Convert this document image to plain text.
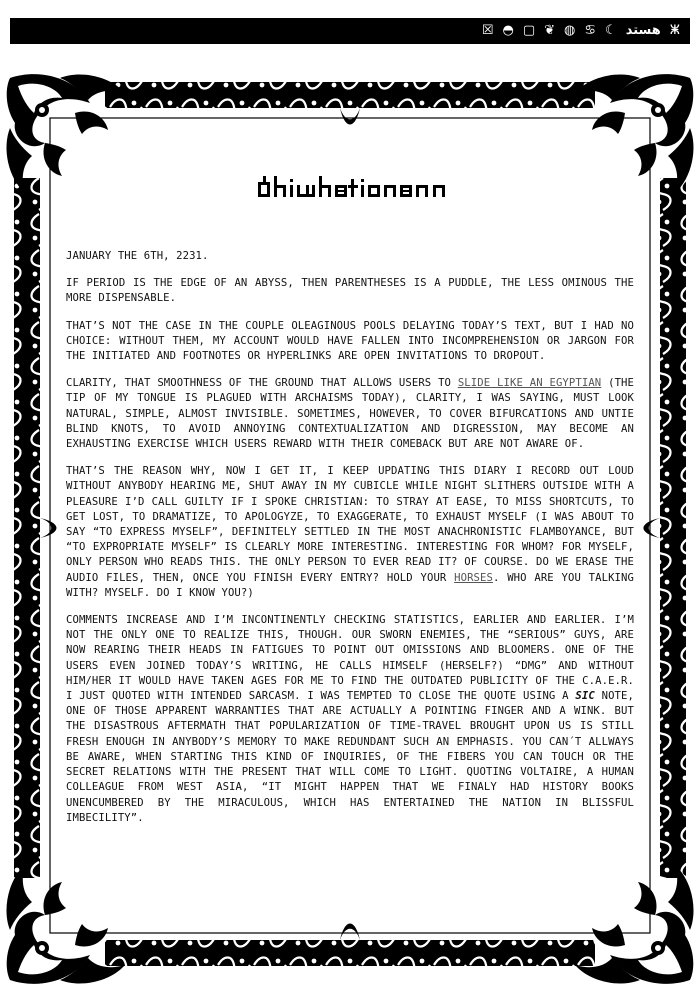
☒ ◓ ▢ ❦ ◍ ♋ ☾ هستد ⵥ

JANUARY THE 6TH, 2231.

IF PERIOD IS THE EDGE OF AN ABYSS, THEN PARENTHESES IS A PUDDLE, THE LESS OMINOUS THE MORE DISPENSABLE.

THAT’S NOT THE CASE IN THE COUPLE OLEAGINOUS POOLS DELAYING TODAY’S TEXT, BUT I HAD NO CHOICE: WITHOUT THEM, MY ACCOUNT WOULD HAVE FALLEN INTO INCOMPREHENSION OR JARGON FOR THE INITIATED AND FOOTNOTES OR HYPERLINKS ARE OPEN INVITATIONS TO DROPOUT.

CLARITY, THAT SMOOTHNESS OF THE GROUND THAT ALLOWS USERS TO SLIDE LIKE AN EGYPTIAN (THE TIP OF MY TONGUE IS PLAGUED WITH ARCHAISMS TODAY), CLARITY, I WAS SAYING, MUST LOOK NATURAL, SIMPLE, ALMOST INVISIBLE. SOMETIMES, HOWEVER, TO COVER BIFURCATIONS AND UNTIE BLIND KNOTS, TO AVOID ANNOYING CONTEXTUALIZATION AND DIGRESSION, MAY BECOME AN EXHAUSTING EXERCISE WHICH USERS REWARD WITH THEIR COMEBACK BUT ARE NOT AWARE OF.

THAT’S THE REASON WHY, NOW I GET IT, I KEEP UPDATING THIS DIARY I RECORD OUT LOUD WITHOUT ANYBODY HEARING ME, SHUT AWAY IN MY CUBICLE WHILE NIGHT SLITHERS OUTSIDE WITH A PLEASURE I’D CALL GUILTY IF I SPOKE CHRISTIAN: TO STRAY AT EASE, TO MISS SHORTCUTS, TO GET LOST, TO DRAMATIZE, TO APOLOGYZE, TO EXAGGERATE, TO EXHAUST MYSELF (I WAS ABOUT TO SAY “TO EXPRESS MYSELF”, DEFINITELY SETTLED IN THE MOST ANACHRONISTIC FLAMBOYANCE, BUT “TO EXPROPRIATE MYSELF” IS CLEARLY MORE INTERESTING. INTERESTING FOR WHOM? FOR MYSELF, ONLY PERSON WHO READS THIS. THE ONLY PERSON TO EVER READ IT? OF COURSE. DO WE ERASE THE AUDIO FILES, THEN, ONCE YOU FINISH EVERY ENTRY? HOLD YOUR HORSES. WHO ARE YOU TALKING WITH? MYSELF. DO I KNOW YOU?)

COMMENTS INCREASE AND I’M INCONTINENTLY CHECKING STATISTICS, EARLIER AND EARLIER. I’M NOT THE ONLY ONE TO REALIZE THIS, THOUGH. OUR SWORN ENEMIES, THE “SERIOUS” GUYS, ARE NOW REARING THEIR HEADS IN FATIGUES TO POINT OUT OMISSIONS AND BLOOMERS. ONE OF THE USERS EVEN JOINED TODAY’S WRITING, HE CALLS HIMSELF (HERSELF?) “DMG” AND WITHOUT HIM/HER IT WOULD HAVE TAKEN AGES FOR ME TO FIND THE OUTDATED PUBLICITY OF THE C.A.E.R. I JUST QUOTED WITH INTENDED SARCASM. I WAS TEMPTED TO CLOSE THE QUOTE USING A SIC NOTE, ONE OF THOSE APPARENT WARRANTIES THAT ARE ACTUALLY A POINTING FINGER AND A WINK. BUT THE DISASTROUS AFTERMATH THAT POPULARIZATION OF TIME-TRAVEL BROUGHT UPON US IS STILL FRESH ENOUGH IN ANYBODY’S MEMORY TO MAKE REDUNDANT SUCH AN EMPHASIS. YOU CAN´T ALLWAYS BE AWARE, WHEN STARTING THIS KIND OF INQUIRIES, OF THE FIBERS YOU CAN TOUCH OR THE SECRET RELATIONS WITH THE PRESENT THAT WILL COME TO LIGHT. QUOTING VOLTAIRE, A HUMAN COLLEAGUE FROM WEST ASIA, “IT MIGHT HAPPEN THAT WE FINALY HAD HISTORY BOOKS UNENCUMBERED BY THE MIRACULOUS, WHICH HAS ENTERTAINED THE NATION IN BLISSFUL IMBECILITY”.
